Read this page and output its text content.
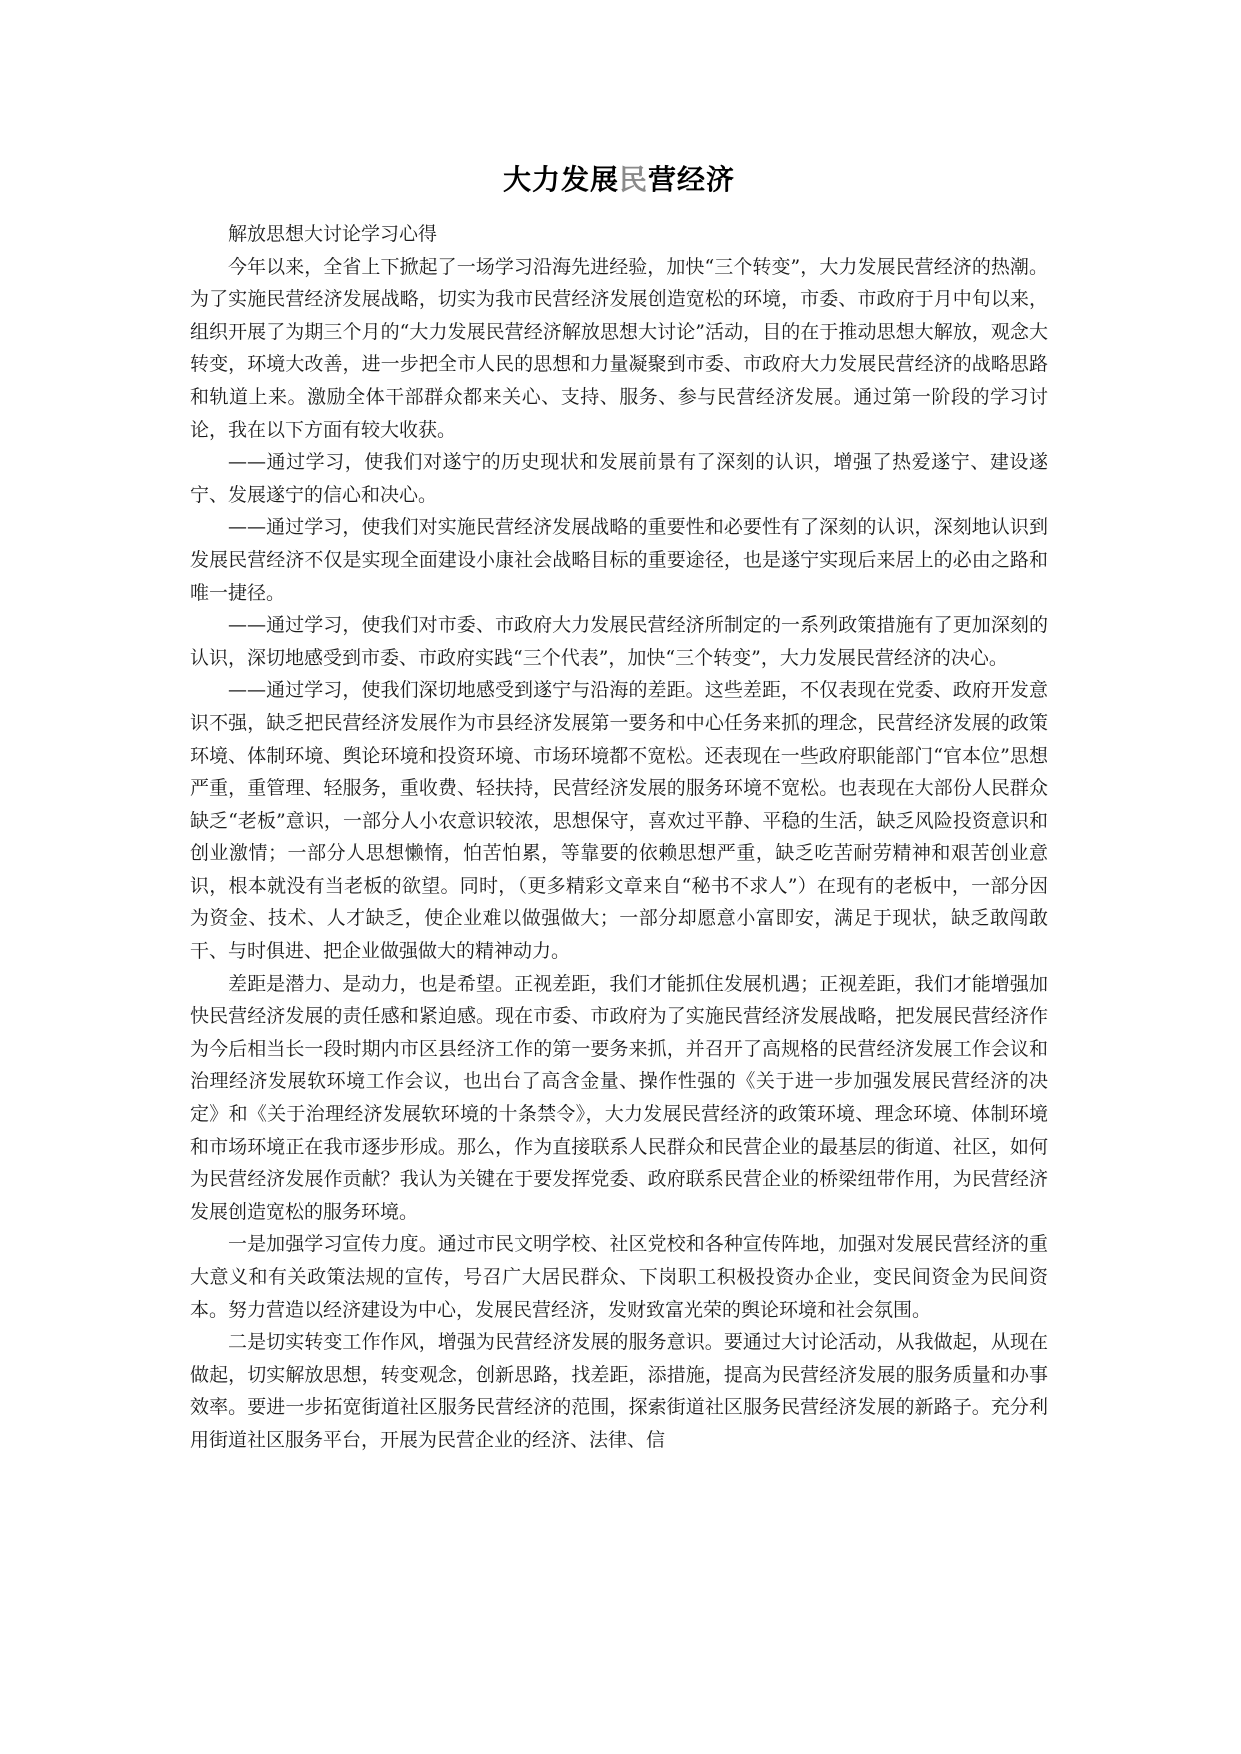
大力发展民营经济

解放思想大讨论学习心得

今年以来，全省上下掀起了一场学习沿海先进经验，加快“三个转变”，大力发展民营经济的热潮。为了实施民营经济发展战略，切实为我市民营经济发展创造宽松的环境，市委、市政府于月中旬以来，组织开展了为期三个月的“大力发展民营经济解放思想大讨论”活动，目的在于推动思想大解放，观念大转变，环境大改善，进一步把全市人民的思想和力量凝聚到市委、市政府大力发展民营经济的战略思路和轨道上来。激励全体干部群众都来关心、支持、服务、参与民营经济发展。通过第一阶段的学习讨论，我在以下方面有较大收获。

——通过学习，使我们对遂宁的历史现状和发展前景有了深刻的认识，增强了热爱遂宁、建设遂宁、发展遂宁的信心和决心。

——通过学习，使我们对实施民营经济发展战略的重要性和必要性有了深刻的认识，深刻地认识到发展民营经济不仅是实现全面建设小康社会战略目标的重要途径，也是遂宁实现后来居上的必由之路和唯一捷径。

——通过学习，使我们对市委、市政府大力发展民营经济所制定的一系列政策措施有了更加深刻的认识，深切地感受到市委、市政府实践“三个代表”，加快“三个转变”，大力发展民营经济的决心。

——通过学习，使我们深切地感受到遂宁与沿海的差距。这些差距，不仅表现在党委、政府开发意识不强，缺乏把民营经济发展作为市县经济发展第一要务和中心任务来抓的理念，民营经济发展的政策环境、体制环境、舆论环境和投资环境、市场环境都不宽松。还表现在一些政府职能部门“官本位”思想严重，重管理、轻服务，重收费、轻扶持，民营经济发展的服务环境不宽松。也表现在大部份人民群众缺乏“老板”意识，一部分人小农意识较浓，思想保守，喜欢过平静、平稳的生活，缺乏风险投资意识和创业激情；一部分人思想懒惰，怕苦怕累，等靠要的依赖思想严重，缺乏吃苦耐劳精神和艰苦创业意识，根本就没有当老板的欲望。同时，（更多精彩文章来自“秘书不求人”）在现有的老板中，一部分因为资金、技术、人才缺乏，使企业难以做强做大；一部分却愿意小富即安，满足于现状，缺乏敢闯敢干、与时俱进、把企业做强做大的精神动力。

差距是潜力、是动力，也是希望。正视差距，我们才能抓住发展机遇；正视差距，我们才能增强加快民营经济发展的责任感和紧迫感。现在市委、市政府为了实施民营经济发展战略，把发展民营经济作为今后相当长一段时期内市区县经济工作的第一要务来抓，并召开了高规格的民营经济发展工作会议和治理经济发展软环境工作会议，也出台了高含金量、操作性强的《关于进一步加强发展民营经济的决定》和《关于治理经济发展软环境的十条禁令》，大力发展民营经济的政策环境、理念环境、体制环境和市场环境正在我市逐步形成。那么，作为直接联系人民群众和民营企业的最基层的街道、社区，如何为民营经济发展作贡献？我认为关键在于要发挥党委、政府联系民营企业的桥梁纽带作用，为民营经济发展创造宽松的服务环境。

一是加强学习宣传力度。通过市民文明学校、社区党校和各种宣传阵地，加强对发展民营经济的重大意义和有关政策法规的宣传，号召广大居民群众、下岗职工积极投资办企业，变民间资金为民间资本。努力营造以经济建设为中心，发展民营经济，发财致富光荣的舆论环境和社会氛围。

二是切实转变工作作风，增强为民营经济发展的服务意识。要通过大讨论活动，从我做起，从现在做起，切实解放思想，转变观念，创新思路，找差距，添措施，提高为民营经济发展的服务质量和办事效率。要进一步拓宽街道社区服务民营经济的范围，探索街道社区服务民营经济发展的新路子。充分利用街道社区服务平台，开展为民营企业的经济、法律、信
